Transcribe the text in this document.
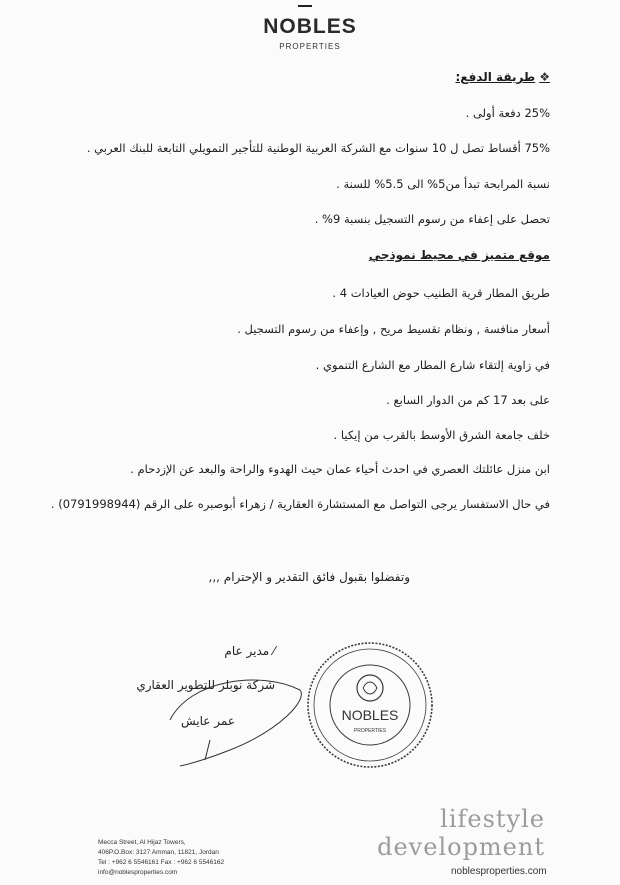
NOBLES
PROPERTIES
❖طريقة الدفع:
25% دفعة أولى .
75% أقساط تصل ل 10 سنوات مع الشركة العربية الوطنية للتأجير التمويلي التابعة للبنك العربي .
نسبة المرابحة تبدأ من5% الى 5.5% للسنة .
تحصل على إعفاء من رسوم التسجيل بنسبة 9% .
موقع متميز في محيط نموذجي
طريق المطار قرية الطنيب حوض العيادات 4 .
أسعار منافسة , ونظام تقسيط مريح , وإعفاء من رسوم التسجيل .
في زاوية إلتقاء شارع المطار مع الشارع التنموي .
على بعد 17 كم من الدوار السابع .
خلف جامعة الشرق الأوسط بالقرب من إيكيا .
ابن منزل عائلتك العصري في احدث أحياء عمان حيث الهدوء والراحة والبعد عن الإزدحام .
في حال الاستفسار يرجى التواصل مع المستشارة العقارية / زهراء أبوصبره على الرقم (0791998944) .
وتفضلوا بقبول فائق التقدير و الإحترام ,,,
⁄ مدير عام
شركة نوبلز للتطوير العقاري
عمر عايش	NOBLES
PROPERTIES
Mecca Street, Al Hijaz Towers,
406P.O.Box: 3127 Amman, 11821, Jordan
Tel : +962 6 5546161 Fax : +962 6 5546162
info@noblesproperties.com
lifestyle
development
noblesproperties.com
